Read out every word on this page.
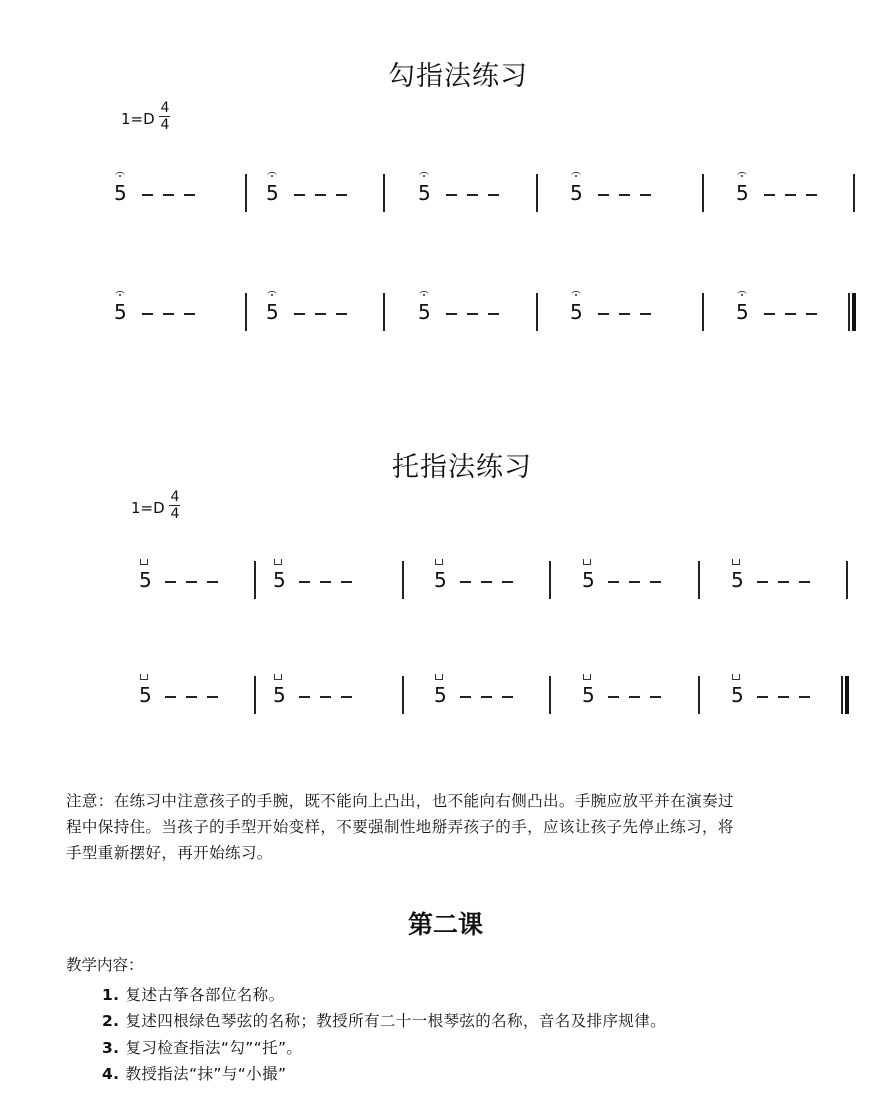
勾指法练习
1=D
4
4
5	5	5	5	5
5	5	5	5	5
托指法练习
1=D
4
4
5	5	5	5	5
5	5	5	5	5

注意：在练习中注意孩子的手腕，既不能向上凸出，也不能向右侧凸出。手腕应放平并在演奏过

程中保持住。当孩子的手型开始变样，不要强制性地掰弄孩子的手，应该让孩子先停止练习，将

手型重新摆好，再开始练习。

第二课
教学内容：
1. 复述古筝各部位名称。
2. 复述四根绿色琴弦的名称；教授所有二十一根琴弦的名称，音名及排序规律。
3. 复习检查指法“勾”“托”。
4. 教授指法“抹”与“小撮”
